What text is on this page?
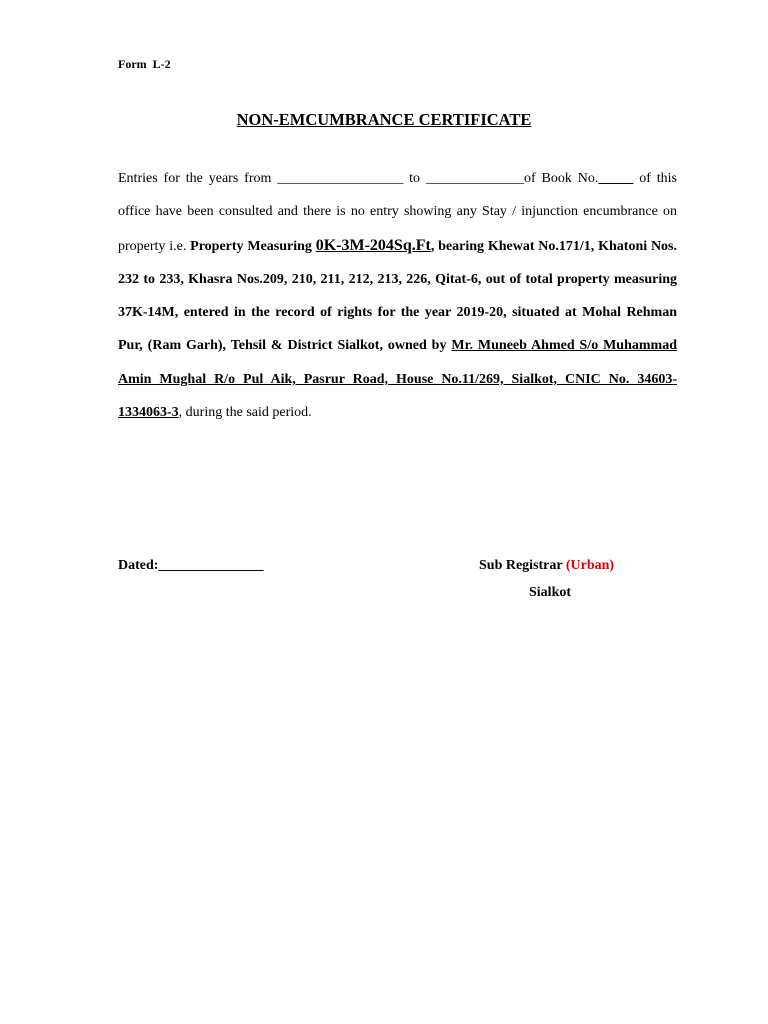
Form  L-2
NON-EMCUMBRANCE CERTIFICATE

Entries for the years from __________________ to ______________of Book No._____ of this office have been consulted and there is no entry showing any Stay / injunction encumbrance on property i.e. Property Measuring 0K-3M-204Sq.Ft, bearing Khewat No.171/1, Khatoni Nos. 232 to 233, Khasra Nos.209, 210, 211, 212, 213, 226, Qitat-6, out of total property measuring 37K-14M, entered in the record of rights for the year 2019-20, situated at Mohal Rehman Pur, (Ram Garh), Tehsil & District Sialkot, owned by Mr. Muneeb Ahmed S/o Muhammad Amin Mughal R/o Pul Aik, Pasrur Road, House No.11/269, Sialkot, CNIC No. 34603-1334063-3, during the said period.

Dated:_______________	Sub Registrar (Urban)
Sialkot
